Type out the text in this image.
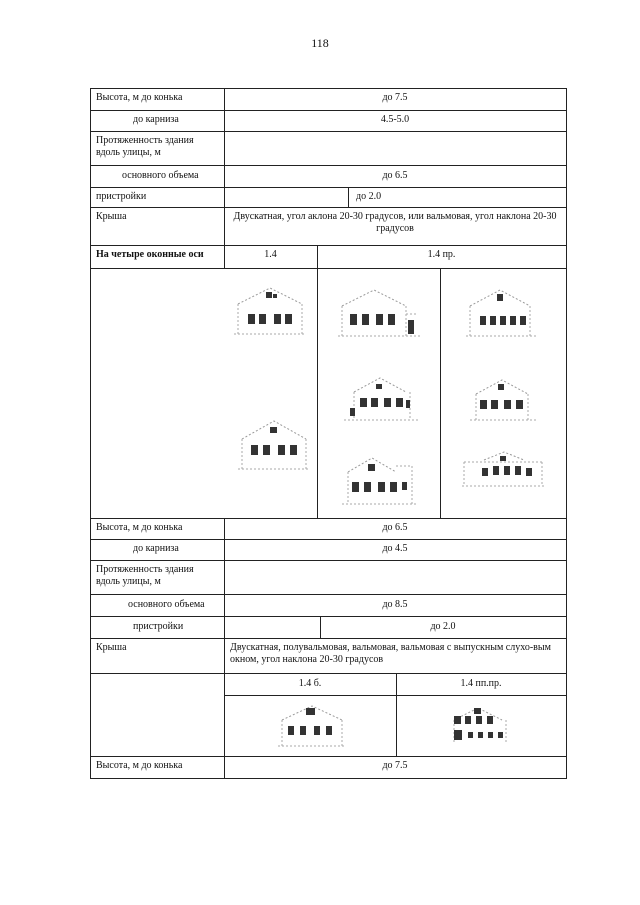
118
Высота, м до конька	до 7.5
до карниза	4.5-5.0
Протяженность здания вдоль улицы, м
основного объема	до 6.5
пристройки	до 2.0
Крыша	Двускатная, угол аклона 20-30 градусов, или вальмовая, угол наклона 20-30 градусов
На четыре оконные оси	1.4	1.4 пр.
Высота, м до конька	до 6.5
до карниза	до 4.5
Протяженность здания вдоль улицы, м
основного объема	до 8.5
пристройки	до 2.0
Крыша	Двускатная, полувальмовая, вальмовая, вальмовая с выпускным слухо-вым окном, угол наклона 20-30 градусов
1.4 б.	1.4 пп.пр.
Высота, м до конька	до 7.5
